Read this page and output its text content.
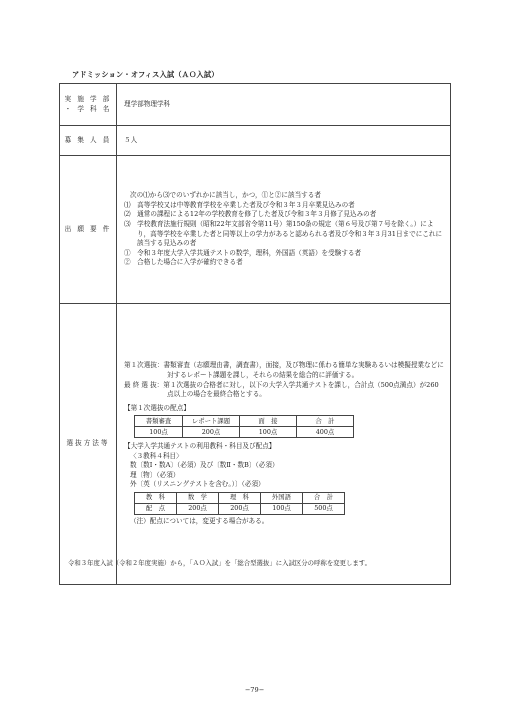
アドミッション・オフィス入試（ＡＯ入試）
実 施 学 部
・ 学 科 名
	理学部物理学科
募 集 人 員	５人
出 願 要 件	
次の⑴から⑶でのいずれかに該当し，かつ，①と②に該当する者
⑴　高等学校又は中等教育学校を卒業した者及び令和３年３月卒業見込みの者
⑵　通常の課程による12年の学校教育を修了した者及び令和３年３月修了見込みの者
⑶　学校教育法施行規則（昭和22年文部省令第11号）第150条の規定（第６号及び第７号を除く。）により，高等学校を卒業した者と同等以上の学力があると認められる者及び令和３年３月31日までにこれに該当する見込みの者
①　令和３年度大学入学共通テストの数学，理科，外国語（英語）を受験する者
②　合格した場合に入学が確約できる者

選抜方法等	
第１次選抜：書類審査（志願理由書，調査書），面接，及び物理に係わる簡単な実験あるいは模擬授業などに対するレポート課題を課し，それらの結果を総合的に評価する。
最 終 選 抜：第１次選抜の合格者に対し，以下の大学入学共通テストを課し，合計点（500点満点）が260点以上の場合を最終合格とする。
【第１次選抜の配点】
書類審査	レポート課題	面　接	合　計
100点	200点	100点	400点
【大学入学共通テストの利用教科・科目及び配点】
〈３教科４科目〉
数〔数Ⅰ・数A〕（必須）及び〔数Ⅱ・数B〕（必須）
理〔物〕（必須）
外〔英（リスニングテストを含む。）〕（必須）
教　科	数　学	理　科	外国語	合　計
配　点	200点	200点	100点	500点
（注）配点については，変更する場合がある。
令和３年度入試（令和２年度実施）から，「ＡＯ入試」を「総合型選抜」に入試区分の呼称を変更します。
−79−
